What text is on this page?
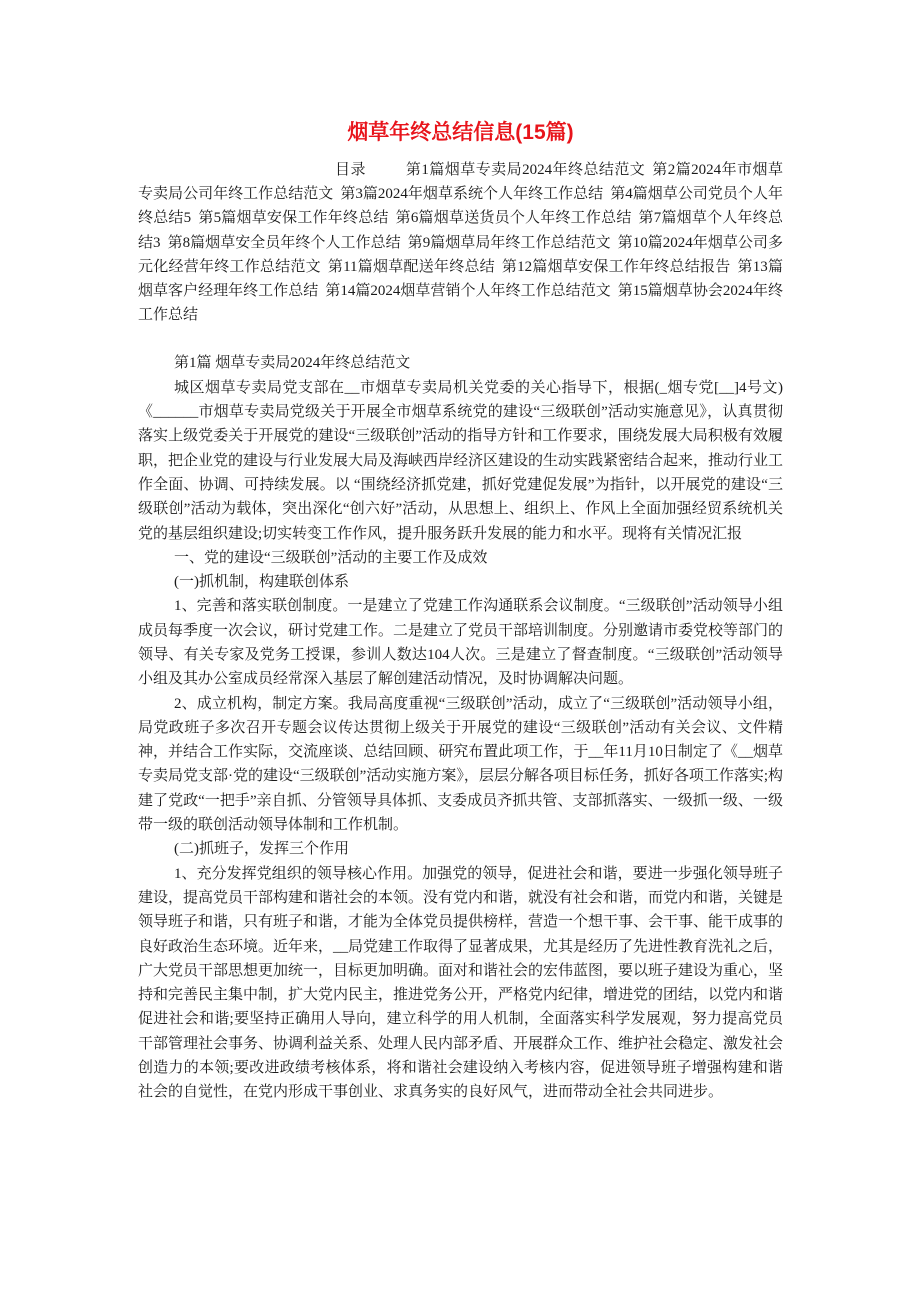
烟草年终总结信息(15篇)

目录	第1篇烟草专卖局2024年终总结范文 第2篇2024年市烟草专卖局公司年终工作总结范文 第3篇2024年烟草系统个人年终工作总结 第4篇烟草公司党员个人年终总结5 第5篇烟草安保工作年终总结 第6篇烟草送货员个人年终工作总结 第7篇烟草个人年终总结3 第8篇烟草安全员年终个人工作总结 第9篇烟草局年终工作总结范文 第10篇2024年烟草公司多元化经营年终工作总结范文 第11篇烟草配送年终总结 第12篇烟草安保工作年终总结报告 第13篇烟草客户经理年终工作总结 第14篇2024烟草营销个人年终工作总结范文 第15篇烟草协会2024年终工作总结

第1篇 烟草专卖局2024年终总结范文

城区烟草专卖局党支部在__市烟草专卖局机关党委的关心指导下，根据(_烟专党[__]4号文)《______市烟草专卖局党级关于开展全市烟草系统党的建设“三级联创”活动实施意见》，认真贯彻落实上级党委关于开展党的建设“三级联创”活动的指导方针和工作要求，围绕发展大局积极有效履职，把企业党的建设与行业发展大局及海峡西岸经济区建设的生动实践紧密结合起来，推动行业工作全面、协调、可持续发展。以 “围绕经济抓党建，抓好党建促发展”为指针，以开展党的建设“三级联创”活动为载体，突出深化“创六好”活动，从思想上、组织上、作风上全面加强经贸系统机关党的基层组织建设;切实转变工作作风，提升服务跃升发展的能力和水平。现将有关情况汇报

一、党的建设“三级联创”活动的主要工作及成效

(一)抓机制，构建联创体系

1、完善和落实联创制度。一是建立了党建工作沟通联系会议制度。“三级联创”活动领导小组成员每季度一次会议，研讨党建工作。二是建立了党员干部培训制度。分别邀请市委党校等部门的领导、有关专家及党务工授课，参训人数达104人次。三是建立了督查制度。“三级联创”活动领导小组及其办公室成员经常深入基层了解创建活动情况，及时协调解决问题。

2、成立机构，制定方案。我局高度重视“三级联创”活动，成立了“三级联创”活动领导小组， 局党政班子多次召开专题会议传达贯彻上级关于开展党的建设“三级联创”活动有关会议、文件精神，并结合工作实际，交流座谈、总结回顾、研究布置此项工作，于__年11月10日制定了《__烟草专卖局党支部·党的建设“三级联创”活动实施方案》，层层分解各项目标任务，抓好各项工作落实;构建了党政“一把手”亲自抓、分管领导具体抓、支委成员齐抓共管、支部抓落实、一级抓一级、一级带一级的联创活动领导体制和工作机制。

(二)抓班子，发挥三个作用

1、充分发挥党组织的领导核心作用。加强党的领导，促进社会和谐，要进一步强化领导班子建设，提高党员干部构建和谐社会的本领。没有党内和谐，就没有社会和谐，而党内和谐，关键是领导班子和谐，只有班子和谐，才能为全体党员提供榜样，营造一个想干事、会干事、能干成事的良好政治生态环境。近年来，__局党建工作取得了显著成果，尤其是经历了先进性教育洗礼之后，广大党员干部思想更加统一，目标更加明确。面对和谐社会的宏伟蓝图，要以班子建设为重心，坚持和完善民主集中制，扩大党内民主，推进党务公开，严格党内纪律，增进党的团结，以党内和谐促进社会和谐;要坚持正确用人导向，建立科学的用人机制，全面落实科学发展观，努力提高党员干部管理社会事务、协调利益关系、处理人民内部矛盾、开展群众工作、维护社会稳定、激发社会创造力的本领;要改进政绩考核体系，将和谐社会建设纳入考核内容，促进领导班子增强构建和谐社会的自觉性，在党内形成干事创业、求真务实的良好风气，进而带动全社会共同进步。
